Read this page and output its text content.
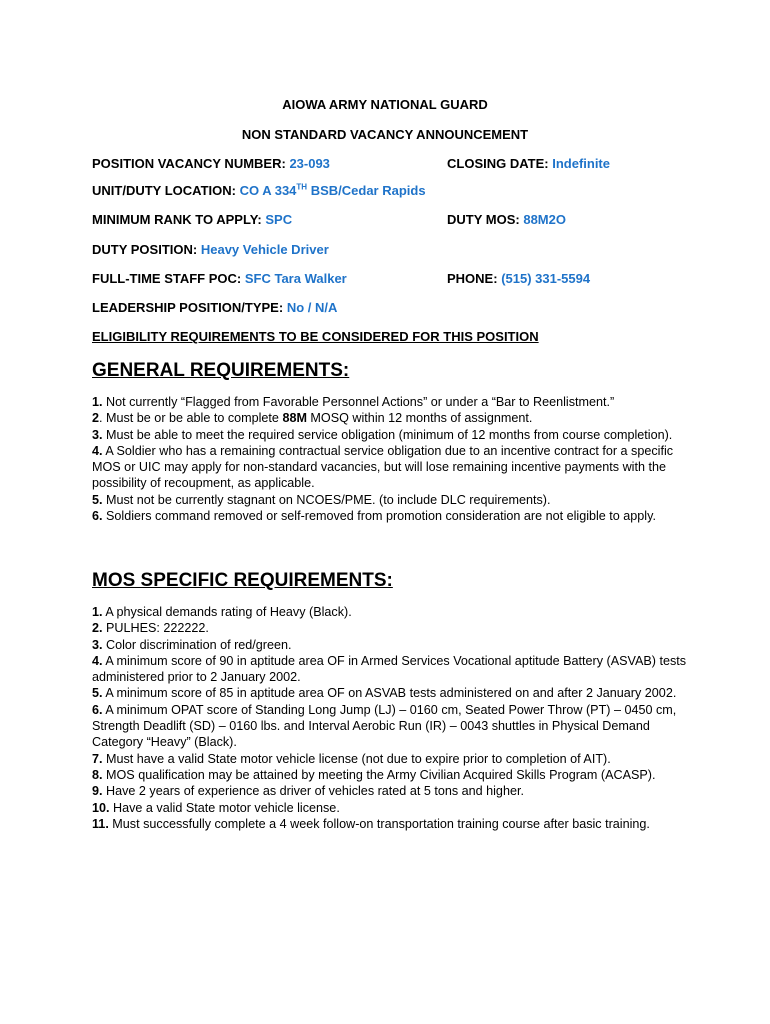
AIOWA ARMY NATIONAL GUARD
NON STANDARD VACANCY ANNOUNCEMENT
POSITION VACANCY NUMBER: 23-093	CLOSING DATE: Indefinite
UNIT/DUTY LOCATION: CO A 334TH BSB/Cedar Rapids
MINIMUM RANK TO APPLY: SPC	DUTY MOS: 88M2O
DUTY POSITION: Heavy Vehicle Driver
FULL-TIME STAFF POC: SFC Tara Walker	PHONE: (515) 331-5594
LEADERSHIP POSITION/TYPE: No / N/A
ELIGIBILITY REQUIREMENTS TO BE CONSIDERED FOR THIS POSITION
GENERAL REQUIREMENTS:
1. Not currently “Flagged from Favorable Personnel Actions” or under a “Bar to Reenlistment.”
2. Must be or be able to complete 88M MOSQ within 12 months of assignment.
3. Must be able to meet the required service obligation (minimum of 12 months from course completion).
4. A Soldier who has a remaining contractual service obligation due to an incentive contract for a specific MOS or UIC may apply for non-standard vacancies, but will lose remaining incentive payments with the possibility of recoupment, as applicable.
5. Must not be currently stagnant on NCOES/PME. (to include DLC requirements).
6. Soldiers command removed or self-removed from promotion consideration are not eligible to apply.
MOS SPECIFIC REQUIREMENTS:
1. A physical demands rating of Heavy (Black).
2. PULHES: 222222.
3. Color discrimination of red/green.
4. A minimum score of 90 in aptitude area OF in Armed Services Vocational aptitude Battery (ASVAB) tests administered prior to 2 January 2002.
5. A minimum score of 85 in aptitude area OF on ASVAB tests administered on and after 2 January 2002.
6. A minimum OPAT score of Standing Long Jump (LJ) – 0160 cm, Seated Power Throw (PT) – 0450 cm, Strength Deadlift (SD) – 0160 lbs. and Interval Aerobic Run (IR) – 0043 shuttles in Physical Demand Category “Heavy” (Black).
7. Must have a valid State motor vehicle license (not due to expire prior to completion of AIT).
8. MOS qualification may be attained by meeting the Army Civilian Acquired Skills Program (ACASP).
9. Have 2 years of experience as driver of vehicles rated at 5 tons and higher.
10. Have a valid State motor vehicle license.
11. Must successfully complete a 4 week follow-on transportation training course after basic training.
